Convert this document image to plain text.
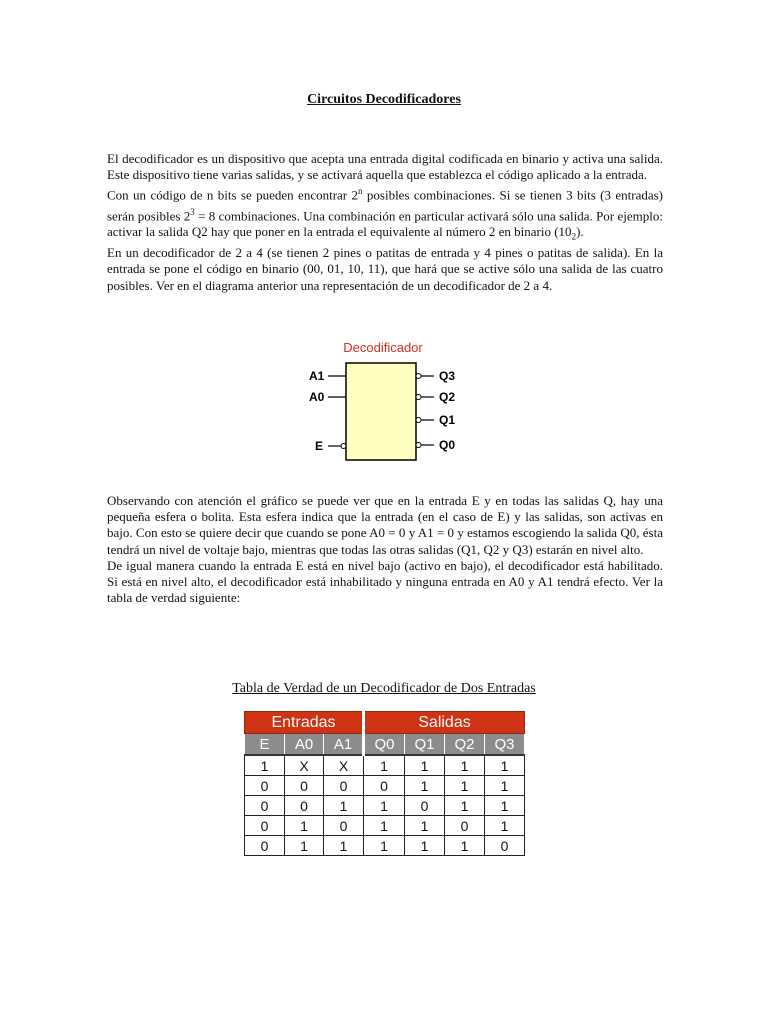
Circuitos Decodificadores

El decodificador es un dispositivo que acepta una entrada digital codificada en binario y activa una salida. Este dispositivo tiene varias salidas, y se activará aquella que establezca el código aplicado a la entrada.

Con un código de n bits se pueden encontrar 2$^n$ posibles combinaciones. Si se tienen 3 bits (3 entradas) serán posibles $2^3 = 8$ combinaciones. Una combinación en particular activará sólo una salida. Por ejemplo: activar la salida Q2 hay que poner en la entrada el equivalente al número 2 en binario $(10_2)$.

En un decodificador de 2 a 4 (se tienen 2 pines o patitas de entrada y 4 pines o patitas de salida). En la entrada se pone el código en binario (00, 01, 10, 11), que hará que se active sólo una salida de las cuatro posibles. Ver en el diagrama anterior una representación de un decodificador de 2 a 4.

Decodificador
A1
A0
E
Q3
Q2
Q1
Q0

Observando con atención el gráfico se puede ver que en la entrada E y en todas las salidas Q, hay una pequeña esfera o bolita. Esta esfera indica que la entrada (en el caso de E) y las salidas, son activas en bajo. Con esto se quiere decir que cuando se pone A0 = 0 y A1 = 0 y estamos escogiendo la salida Q0, ésta tendrá un nivel de voltaje bajo, mientras que todas las otras salidas (Q1, Q2 y Q3) estarán en nivel alto.

De igual manera cuando la entrada E está en nivel bajo (activo en bajo), el decodificador está habilitado. Si está en nivel alto, el decodificador está inhabilitado y ninguna entrada en A0 y A1 tendrá efecto. Ver la tabla de verdad siguiente:

Tabla de Verdad de un Decodificador de Dos Entradas
Entradas			Salidas			
E	A0	A1	Q0	Q1	Q2	Q3
1	X	X	1	1	1	1
0	0	0	0	1	1	1
0	0	1	1	0	1	1
0	1	0	1	1	0	1
0	1	1	1	1	1	0
